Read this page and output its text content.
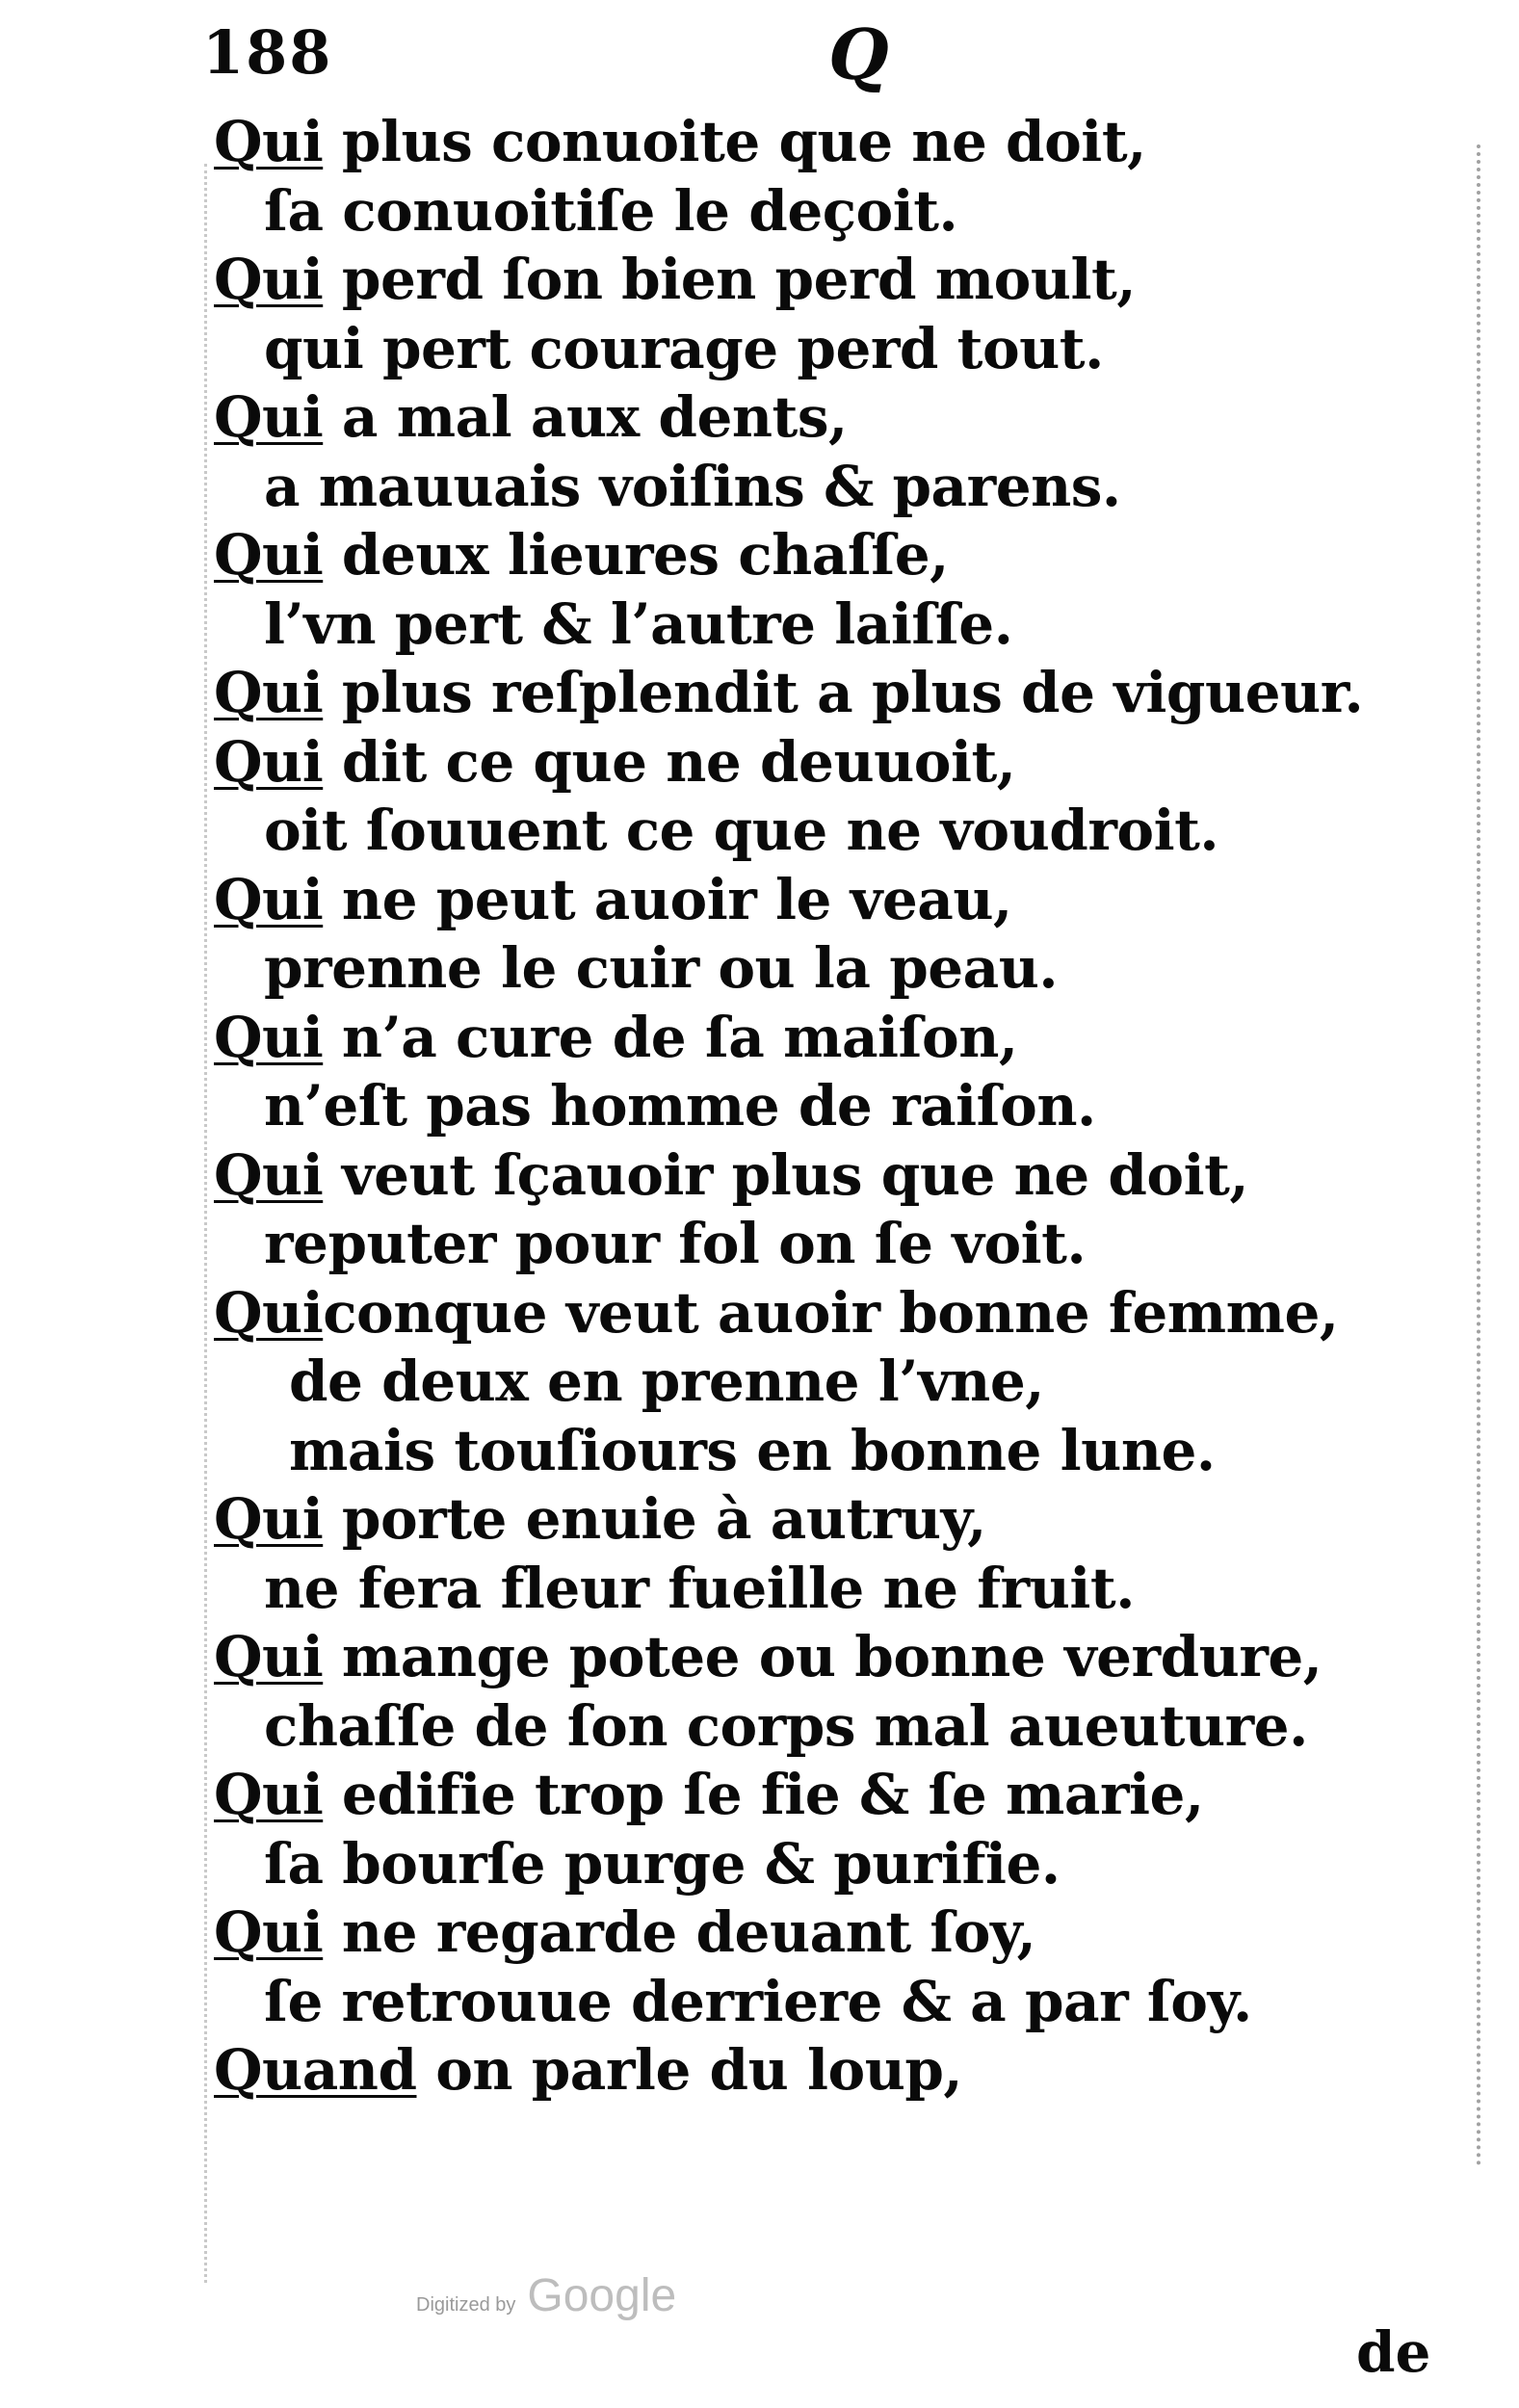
188	Q
Qui plus conuoite que ne doit,
ſa conuoitiſe le deçoit.
Qui perd ſon bien perd moult,
qui pert courage perd tout.
Qui a mal aux dents,
a mauuais voiſins & parens.
Qui deux lieures chaſſe,
l’vn pert & l’autre laiſſe.
Qui plus reſplendit a plus de vigueur.
Qui dit ce que ne deuuoit,
oit ſouuent ce que ne voudroit.
Qui ne peut auoir le veau,
prenne le cuir ou la peau.
Qui n’a cure de ſa maiſon,
n’eſt pas homme de raiſon.
Qui veut ſçauoir plus que ne doit,
reputer pour fol on ſe voit.
Quiconque veut auoir bonne femme,
de deux en prenne l’vne,
mais touſiours en bonne lune.
Qui porte enuie à autruy,
ne fera fleur fueille ne fruit.
Qui mange potee ou bonne verdure,
chaſſe de ſon corps mal aueuture.
Qui edifie trop ſe fie & ſe marie,
ſa bourſe purge & purifie.
Qui ne regarde deuant ſoy,
ſe retrouue derriere & a par ſoy.
Quand on parle du loup,
Digitized by Google
de
